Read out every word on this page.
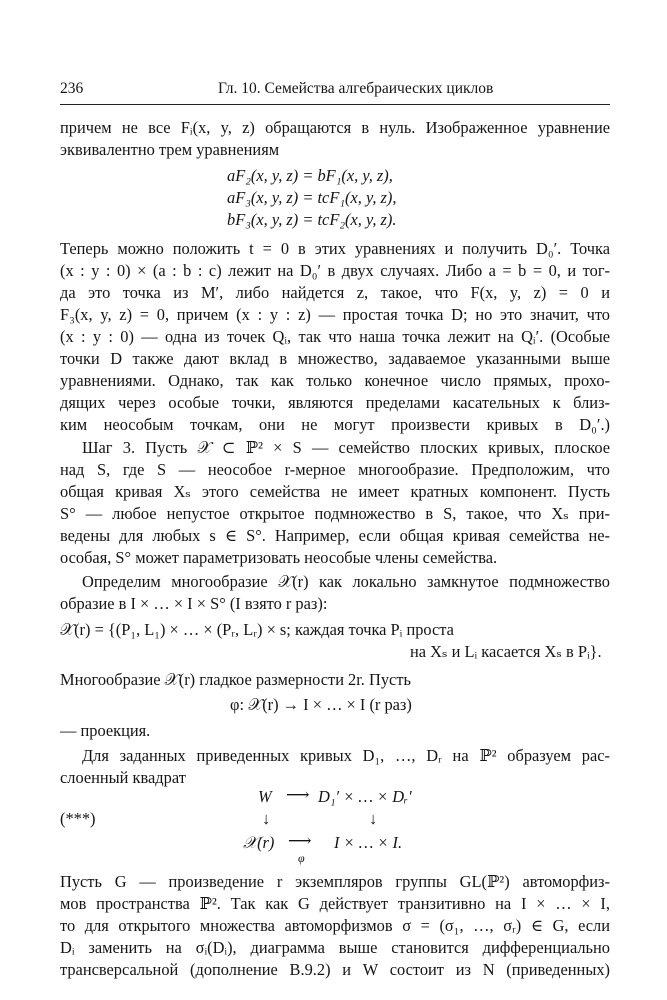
236	Гл. 10. Семейства алгебраических циклов
причем не все Fᵢ(x, y, z) обращаются в нуль. Изображенное уравнение
эквивалентно трем уравнениям
aF₂(x, y, z) = bF₁(x, y, z),
aF₃(x, y, z) = tcF₁(x, y, z),
bF₃(x, y, z) = tcF₂(x, y, z).
Теперь можно положить t = 0 в этих уравнениях и получить D₀′. Точка
(x : y : 0) × (a : b : c) лежит на D₀′ в двух случаях. Либо a = b = 0, и тог-
да это точка из M′, либо найдется z, такое, что F(x, y, z) = 0 и
F₃(x, y, z) = 0, причем (x : y : z) — простая точка D; но это значит, что
(x : y : 0) — одна из точек Qᵢ, так что наша точка лежит на Qᵢ′. (Особые
точки D также дают вклад в множество, задаваемое указанными выше
уравнениями. Однако, так как только конечное число прямых, прохо-
дящих через особые точки, являются пределами касательных к близ-
ким неособым точкам, они не могут произвести кривых в D₀′.)
Шаг 3. Пусть 𝒳 ⊂ ℙ² × S — семейство плоских кривых, плоское
над S, где S — неособое r-мерное многообразие. Предположим, что
общая кривая Xₛ этого семейства не имеет кратных компонент. Пусть
S° — любое непустое открытое подмножество в S, такое, что Xₛ при-
ведены для любых s ∈ S°. Например, если общая кривая семейства не-
особая, S° может параметризовать неособые члены семейства.
Определим многообразие 𝒳(r) как локально замкнутое подмножество
образие в I × … × I × S° (I взято r раз):
𝒳(r) = {(P₁, L₁) × … × (Pᵣ, Lᵣ) × s; каждая точка Pᵢ проста
на Xₛ и Lᵢ касается Xₛ в Pᵢ}.
Многообразие 𝒳(r) гладкое размерности 2r. Пусть
φ: 𝒳(r) → I × … × I (r раз)
— проекция.
Для заданных приведенных кривых D₁, …, Dᵣ на ℙ² образуем рас-
слоенный квадрат
(***)
W ⟶ D₁′ × … × Dᵣ′
↓	↓
𝒳(r) ⟶
φ
I × … × I.
Пусть G — произведение r экземпляров группы GL(ℙ²) автоморфиз-
мов пространства ℙ². Так как G действует транзитивно на I × … × I,
то для открытого множества автоморфизмов σ = (σ₁, …, σᵣ) ∈ G, если
Dᵢ заменить на σᵢ(Dᵢ), диаграмма выше становится дифференциально
трансверсальной (дополнение B.9.2) и W состоит из N (приведенных)
